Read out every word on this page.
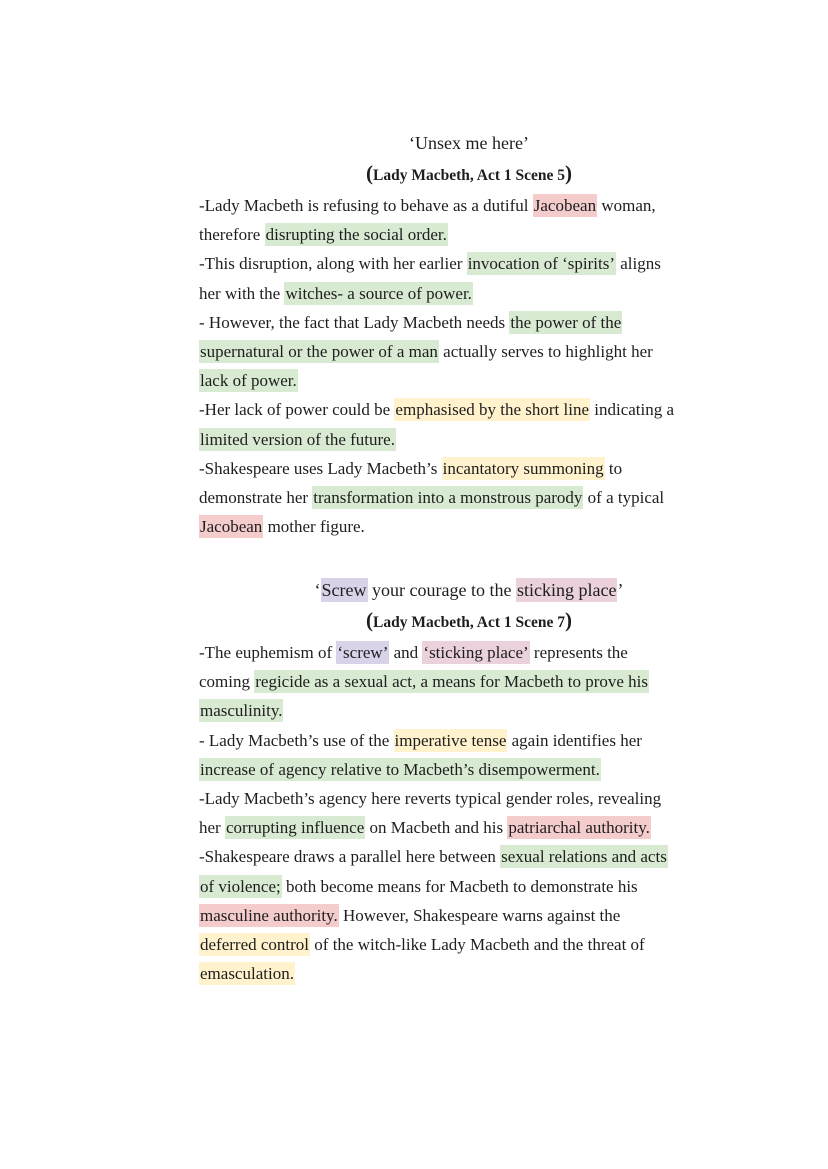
‘Unsex me here’
(Lady Macbeth, Act 1 Scene 5)
-Lady Macbeth is refusing to behave as a dutiful Jacobean woman,
therefore disrupting the social order.
-This disruption, along with her earlier invocation of ‘spirits’ aligns
her with the witches- a source of power.
- However, the fact that Lady Macbeth needs the power of the
supernatural or the power of a man actually serves to highlight her
lack of power.
-Her lack of power could be emphasised by the short line indicating a
limited version of the future.
-Shakespeare uses Lady Macbeth’s incantatory summoning to
demonstrate her transformation into a monstrous parody of a typical
Jacobean mother figure.
‘Screw your courage to the sticking place’
(Lady Macbeth, Act 1 Scene 7)
-The euphemism of ‘screw’ and ‘sticking place’ represents the
coming regicide as a sexual act, a means for Macbeth to prove his
masculinity.
- Lady Macbeth’s use of the imperative tense again identifies her
increase of agency relative to Macbeth’s disempowerment.
-Lady Macbeth’s agency here reverts typical gender roles, revealing
her corrupting influence on Macbeth and his patriarchal authority.
-Shakespeare draws a parallel here between sexual relations and acts
of violence; both become means for Macbeth to demonstrate his
masculine authority. However, Shakespeare warns against the
deferred control of the witch-like Lady Macbeth and the threat of
emasculation.
